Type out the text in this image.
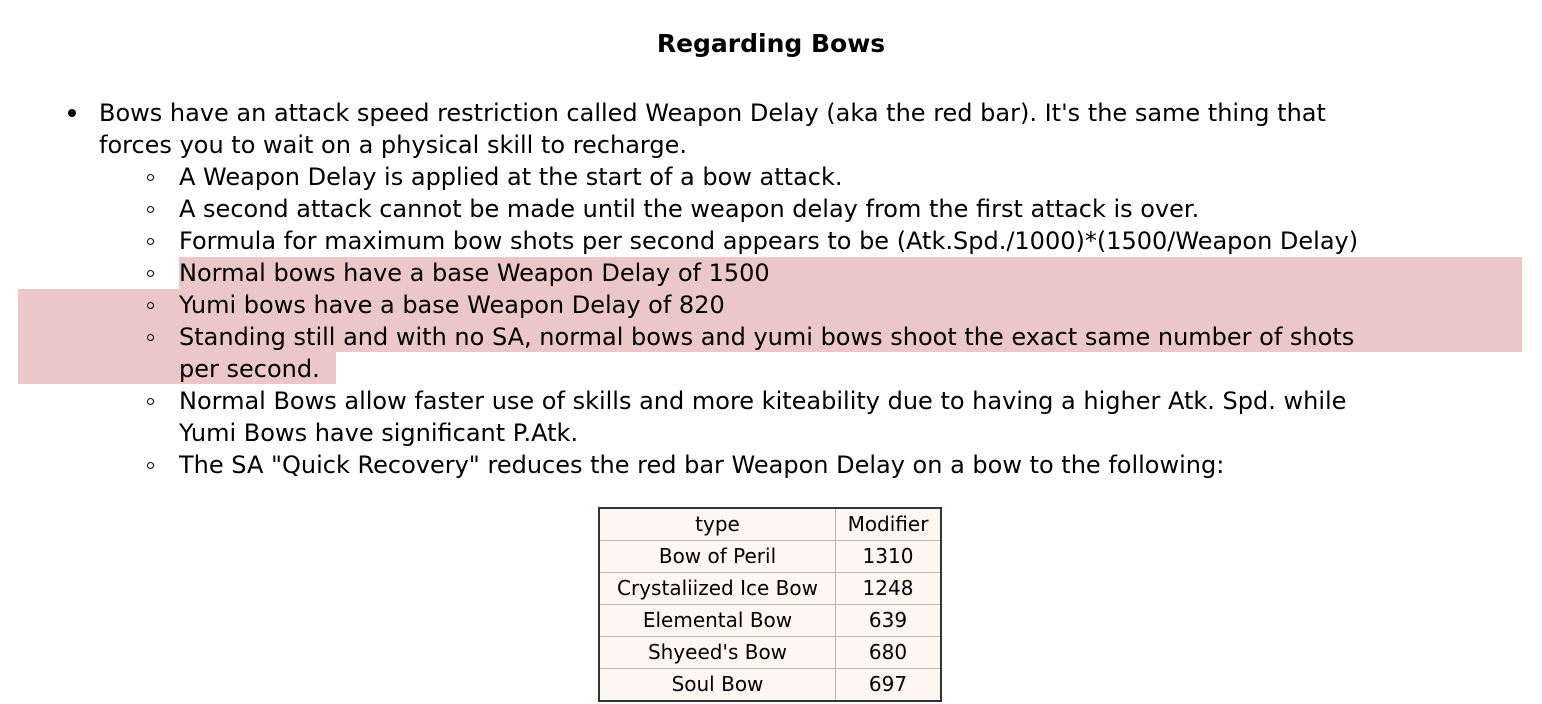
Regarding Bows
Bows have an attack speed restriction called Weapon Delay (aka the red bar). It's the same thing that
forces you to wait on a physical skill to recharge.
A Weapon Delay is applied at the start of a bow attack.
A second attack cannot be made until the weapon delay from the first attack is over.
Formula for maximum bow shots per second appears to be (Atk.Spd./1000)*(1500/Weapon Delay)
Normal bows have a base Weapon Delay of 1500
Yumi bows have a base Weapon Delay of 820
Standing still and with no SA, normal bows and yumi bows shoot the exact same number of shots
per second.
Normal Bows allow faster use of skills and more kiteability due to having a higher Atk. Spd. while
Yumi Bows have significant P.Atk.
The SA "Quick Recovery" reduces the red bar Weapon Delay on a bow to the following:
type	Modifier
Bow of Peril	1310
Crystaliized Ice Bow	1248
Elemental Bow	639
Shyeed's Bow	680
Soul Bow	697
